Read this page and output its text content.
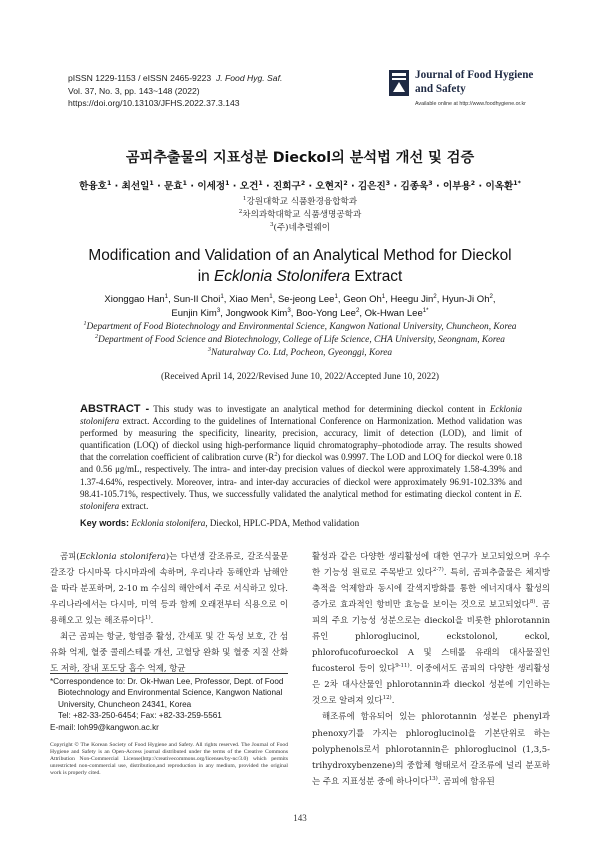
pISSN 1229-1153 / eISSN 2465-9223 J. Food Hyg. Saf.
Vol. 37, No. 3, pp. 143~148 (2022)
https://doi.org/10.13103/JFHS.2022.37.3.143
Journal of Food Hygiene
and Safety
Available online at http://www.foodhygiene.or.kr
곰피추출물의 지표성분 Dieckol의 분석법 개선 및 검증
한융호$^1$ · 최선일$^1$ · 문효$^1$ · 이세정$^1$ · 오건$^1$ · 진희구$^2$ · 오현지$^2$ · 김은진$^3$ · 김종욱$^3$ · 이부용$^2$ · 이옥환$^{1*}$
$^1$강원대학교 식품환경융합학과
$^2$차의과학대학교 식품생명공학과
$^3$(주)네추럴웨이
Modification and Validation of an Analytical Method for Dieckol
in Ecklonia Stolonifera Extract
Xionggao Han$^1$, Sun-Il Choi$^1$, Xiao Men$^1$, Se-jeong Lee$^1$, Geon Oh$^1$, Heegu Jin$^2$, Hyun-Ji Oh$^2$,
Eunjin Kim$^3$, Jongwook Kim$^3$, Boo-Yong Lee$^2$, Ok-Hwan Lee$^{1*}$
$^1$Department of Food Biotechnology and Environmental Science, Kangwon National University, Chuncheon, Korea
$^2$Department of Food Science and Biotechnology, College of Life Science, CHA University, Seongnam, Korea
$^3$Naturalway Co. Ltd, Pocheon, Gyeonggi, Korea
(Received April 14, 2022/Revised June 10, 2022/Accepted June 10, 2022)
ABSTRACT - This study was to investigate an analytical method for determining dieckol content in Ecklonia stolonifera extract. According to the guidelines of International Conference on Harmonization. Method validation was performed by measuring the specificity, linearity, precision, accuracy, limit of detection (LOD), and limit of quantification (LOQ) of dieckol using high-performance liquid chromatography–photodiode array. The results showed that the correlation coefficient of calibration curve $(R^2)$ for dieckol was 0.9997. The LOD and LOQ for dieckol were 0.18 and 0.56 μg/mL, respectively. The intra- and inter-day precision values of dieckol were approximately 1.58-4.39% and 1.37-4.64%, respectively. Moreover, intra- and inter-day accuracies of dieckol were approximately 96.91-102.33% and 98.41-105.71%, respectively. Thus, we successfully validated the analytical method for estimating dieckol content in E. stolonifera extract.
Key words: Ecklonia stolonifera, Dieckol, HPLC-PDA, Method validation

곰피(Ecklonia stolonifera)는 다년생 갈조류로, 갈조식물문 갈조강 다시마목 다시마과에 속하며, 우리나라 동해안과 남해안을 따라 분포하며, 2-10 m 수심의 해안에서 주로 서식하고 있다. 우리나라에서는 다시마, 미역 등과 함께 오래전부터 식용으로 이용해오고 있는 해조류이다$^{1)}$.

최근 곰피는 항균, 항염증 활성, 간세포 및 간 독성 보호, 간 섬유화 억제, 혈중 콜레스테롤 개선, 고혈당 완화 및 혈중 지질 산화도 저하, 장내 포도당 흡수 억제, 항균

*Correspondence to: Dr. Ok-Hwan Lee, Professor, Dept. of Food
Biotechnology and Environmental Science, Kangwon National
University, Chuncheon 24341, Korea
Tel: +82-33-250-6454; Fax: +82-33-259-5561
E-mail: loh99@kangwon.ac.kr
Copyright © The Korean Society of Food Hygiene and Safety. All rights reserved. The Journal of Food Hygiene and Safety is an Open-Access journal distributed under the terms of the Creative Commons Attribution Non-Commercial License(http://creativecommons.org/licenses/by-nc/3.0) which permits unrestricted non-commercial use, distribution,and reproduction in any medium, provided the original work is properly cited.

활성과 같은 다양한 생리활성에 대한 연구가 보고되었으며 우수한 기능성 원료로 주목받고 있다$^{2-7)}$. 특히, 곰피추출물은 체지방 축적을 억제함과 동시에 갈색지방화를 통한 에너지대사 활성의 증가로 효과적인 항비만 효능을 보이는 것으로 보고되었다$^{8)}$. 곰피의 주요 기능성 성분으로는 dieckol을 비롯한 phlorotannin류인 phloroglucinol, eckstolonol, eckol, phlorofucofuroeckol A 및 스테롤 유래의 대사물질인 fucosterol 등이 있다$^{9-11)}$. 이중에서도 곰피의 다양한 생리활성은 2차 대사산물인 phlorotannin과 dieckol 성분에 기인하는 것으로 알려져 있다$^{12)}$.

해조류에 함유되어 있는 phlorotannin 성분은 phenyl과 phenoxy기를 가지는 phloroglucinol을 기본단위로 하는 polyphenols로서 phlorotannin은 phloroglucinol (1,3,5-trihydroxybenzene)의 중합체 형태로서 갈조류에 널리 분포하는 주요 지표성분 중에 하나이다$^{13)}$. 곰피에 함유된

143
